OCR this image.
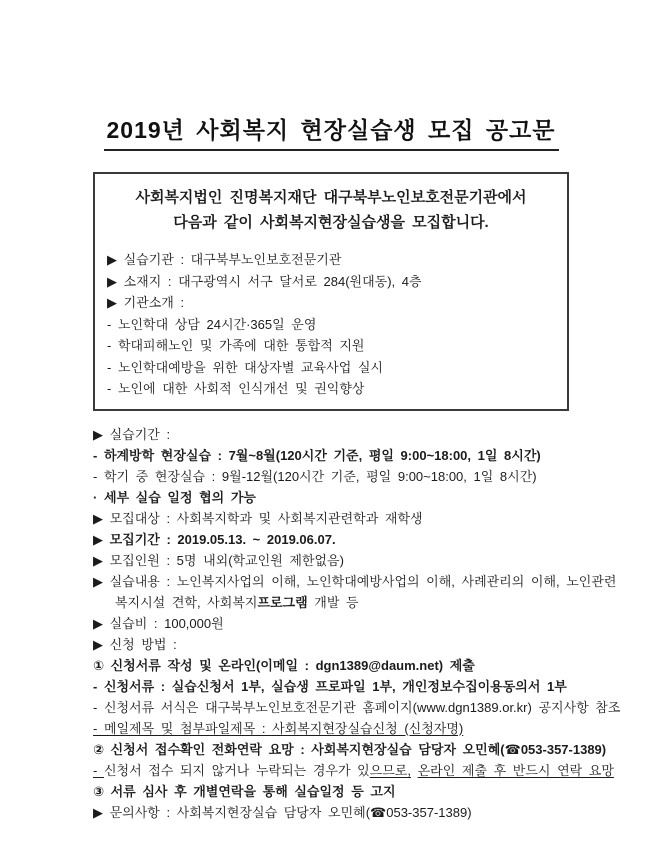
2019년 사회복지 현장실습생 모집 공고문
사회복지법인 진명복지재단 대구북부노인보호전문기관에서
다음과 같이 사회복지현장실습생을 모집합니다.
▶ 실습기관 : 대구북부노인보호전문기관
▶ 소재지 : 대구광역시 서구 달서로 284(원대동), 4층
▶ 기관소개 :
- 노인학대 상담 24시간·365일 운영
- 학대피해노인 및 가족에 대한 통합적 지원
- 노인학대예방을 위한 대상자별 교육사업 실시
- 노인에 대한 사회적 인식개선 및 권익향상
▶ 실습기간 :
- 하계방학 현장실습 : 7월~8월(120시간 기준, 평일 9:00~18:00, 1일 8시간)
- 학기 중 현장실습 : 9월-12월(120시간 기준, 평일 9:00~18:00, 1일 8시간)
· 세부 실습 일정 협의 가능
▶ 모집대상 : 사회복지학과 및 사회복지관련학과 재학생
▶ 모집기간 : 2019.05.13. ~ 2019.06.07.
▶ 모집인원 : 5명 내외(학교인원 제한없음)
▶ 실습내용 : 노인복지사업의 이해, 노인학대예방사업의 이해, 사례관리의 이해, 노인관련
복지시설 견학, 사회복지프로그램 개발 등
▶ 실습비 : 100,000원
▶ 신청 방법 :
① 신청서류 작성 및 온라인(이메일 : dgn1389@daum.net) 제출
- 신청서류 : 실습신청서 1부, 실습생 프로파일 1부, 개인정보수집이용동의서 1부
- 신청서류 서식은 대구북부노인보호전문기관 홈페이지(www.dgn1389.or.kr) 공지사항 참조
- 메일제목 및 첨부파일제목 : 사회복지현장실습신청 (신청자명)
② 신청서 접수확인 전화연락 요망 : 사회복지현장실습 담당자 오민혜(☎053-357-1389)
- 신청서 접수 되지 않거나 누락되는 경우가 있으므로, 온라인 제출 후 반드시 연락 요망
③ 서류 심사 후 개별연락을 통해 실습일정 등 고지
▶ 문의사항 : 사회복지현장실습 담당자 오민혜(☎053-357-1389)
